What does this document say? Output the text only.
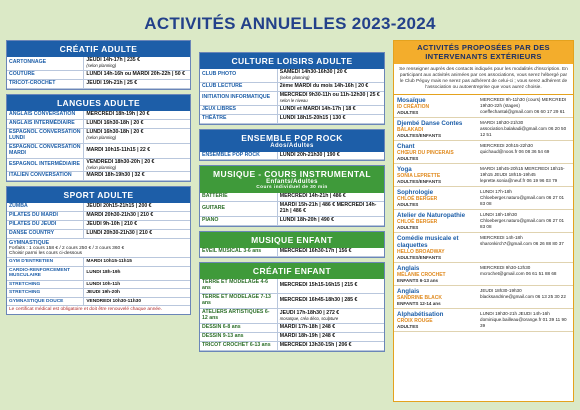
ACTIVITÉS ANNUELLES 2023-2024
CRÉATIF ADULTE
CARTONNAGE	JEUDI 14h-17h | 235 €
(selon planning)

COUTURE	LUNDI 14h-16h ou MARDI 20h-22h | 50 €
TRICOT-CROCHET	JEUDI 19h-21h | 25 €
LANGUES ADULTE
ANGLAIS CONVERSATION	MERCREDI 18h-19h | 20 €
ANGLAIS INTERMÉDIAIRE	LUNDI 16h30-18h | 20 €
ESPAGNOL CONVERSATION LUNDI	LUNDI 16h30-18h | 20 €
(selon planning)

ESPAGNOL CONVERSATION MARDI	MARDI 10h15-11h15 | 22 €
ESPAGNOL INTERMÉDIAIRE	VENDREDI 18h30-20h | 20 €
(selon planning)

ITALIEN CONVERSATION	MARDI 18h-19h30 | 32 €
SPORT ADULTE
ZUMBA	JEUDI 20h15-21h15 | 200 €
PILATES DU MARDI	MARDI 20h30-21h30 | 210 €
PILATES DU JEUDI	JEUDI 9h-10h | 210 €
DANSE COUNTRY	LUNDI 20h30-21h30 | 210 €
GYMNASTIQUE
Forfaits : 1 cours 158 € / 2 cours 250 € / 3 cours 360 €
Choisir parmi les cours ci-dessous
GYM D'ENTRETIEN	MARDI 10h15-11h15
CARDIO-RENFORCEMENT MUSCULAIRE	LUNDI 18h-19h
STRETCHING	LUNDI 10h-11h
STRETCHING	JEUDI 19h-20h
GYMNASTIQUE DOUCE	VENDREDI 10h30-11h30
Le certificat médical est obligatoire et doit être renouvelé chaque année.
CULTURE LOISIRS ADULTE
CLUB PHOTO	SAMEDI 14h30-16h30 | 20 €
(selon planning)

CLUB LECTURE	2ème MARDI du mois 14h-16h | 20 €
INITIATION INFORMATIQUE	MERCREDI 9h30-11h ou 11h-12h30 | 25 €
selon le niveau

JEUX LIBRES	LUNDI et MARDI 14h-17h | 18 €
THÉÂTRE	LUNDI 18h15-20h15 | 130 €
ENSEMBLE POP ROCK
Ados/Adultes
ENSEMBLE POP ROCK	LUNDI 20h-21h30 | 190 €
MUSIQUE - COURS INSTRUMENTAL
Enfants/Adultes
Cours individuel de 30 min
BATTERIE	MERCREDI 14h-21h | 486 €
GUITARE	MARDI 15h-21h | 486 € MERCREDI 14h-21h | 486 €
PIANO	LUNDI 18h-20h | 490 €
MUSIQUE ENFANT
ÉVEIL MUSICAL 3-6 ans	MERCREDI 16h30-17h | 156 €
CRÉATIF ENFANT
TERRE ET MODELAGE 4-6 ans	MERCREDI 15h15-16h15 | 215 €
TERRE ET MODELAGE 7-13 ans	MERCREDI 16h45-18h30 | 285 €
ATELIERS ARTISTIQUES 6-12 ans	JEUDI 17h-18h30 | 272 €
mosaïque, créa déco, sculpture

DESSIN 6-8 ans	MARDI 17h-18h | 248 €
DESSIN 9-13 ans	MARDI 18h-19h | 248 €
TRICOT CROCHET 6-13 ans	MERCREDI 13h30-15h | 206 €
ACTIVITÉS PROPOSÉES PAR DES INTERVENANTS EXTÉRIEURS
Se renseigner auprès des contacts indiqués pour les modalités d'inscription. En participant aux activités animées par ces associations, vous serez hébergé par le Club Péguy mais ne serez pas adhérent de celui-ci ; vous serez adhérent de l'association ou autoentreprise que vous aurez choisie.
Mosaïque
ID CRÉATION
ADULTES
MERCREDI 9h-11h30 (cours) MERCREDI 19h30-22h (stages) coeffechantal@gmail.com 06 60 17 29 61
Djembé Danse Contes
BALAKADI
ADULTES/ENFANTS
MARDI 18h30-21h30 association.balakadi@gmail.com 06 20 50 12 51
Chant
CHŒUR DU PINCERAIS
ADULTES
MERCREDI 20h15-22h30 quichaud@noos.fr 06 08 36 54 69
Yoga
SONIA LEPRETTE
ADULTES/ENFANTS
MARDI 18h45-20h15 MERCREDI 18h15-19h15 JEUDI 18h15-19h45 leprette.sonia@neuf.fr 06 19 96 03 79
Sophrologie
CHLOÉ BERGER
ADULTES
LUNDI 17h-18h Chloeberger.naturo@gmail.com 06 27 01 83 08
Atelier de Naturopathie
CHLOÉ BERGER
ADULTES
LUNDI 18h-19h30 Chloeberger.naturo@gmail.com 06 27 01 83 08
Comédie musicale et claquettes
HELLO BROADWAY
ADULTES/ENFANTS
MERCREDI 14h-18h sharonkirch7@gmail.com 06 26 88 80 37
Anglais
MÉLANIE CROCHET
ENFANTS 6-13 ans
MERCREDI 9h30-12h30 mcrochet@gmail.com 06 61 51 88 68
Anglais
SANDRINE BLACK
ENFANTS 12-14 ans
JEUDI 18h30-19h30 blacksandrine@gmail.com 06 13 25 30 22
Alphabétisation
CROIX ROUGE
ADULTES
LUNDI 19h30-21h JEUDI 14h-16h dominique.bailleau@orange.fr 01 39 11 90 39
